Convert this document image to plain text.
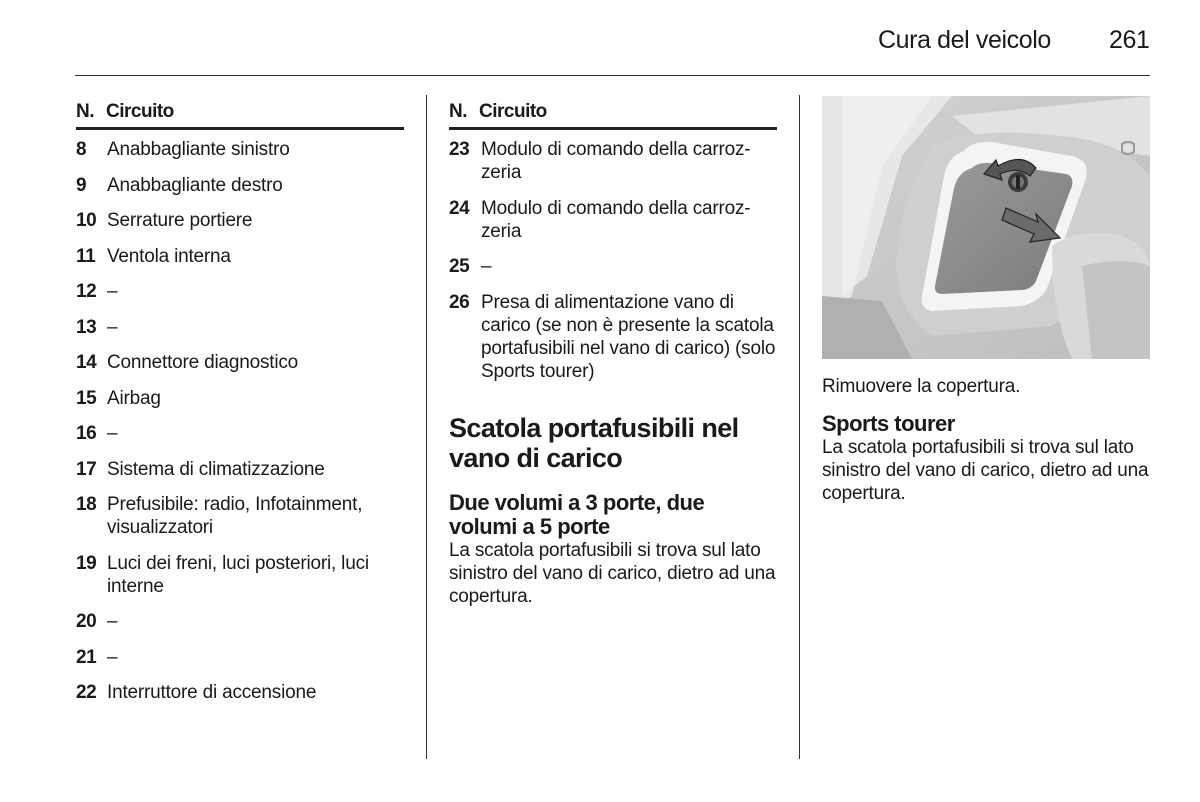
Cura del veicolo 261
N. Circuito
8	Anabbagliante sinistro
9	Anabbagliante destro
10 Serrature portiere
11 Ventola interna
12 –
13 –
14 Connettore diagnostico
15 Airbag
16 –
17 Sistema di climatizzazione
18 Prefusibile: radio, Infotainment, visualizzatori
19 Luci dei freni, luci posteriori, luci interne
20 –
21 –
22 Interruttore di accensione
N. Circuito
23 Modulo di comando della carroz-zeria
24 Modulo di comando della carroz-zeria
25 –
26 Presa di alimentazione vano di carico (se non è presente la scatola portafusibili nel vano di carico) (solo Sports tourer)
Scatola portafusibili nel vano di carico
Due volumi a 3 porte, due volumi a 5 porte
La scatola portafusibili si trova sul lato sinistro del vano di carico, dietro ad una copertura.
Rimuovere la copertura.
Sports tourer
La scatola portafusibili si trova sul lato sinistro del vano di carico, dietro ad una copertura.
